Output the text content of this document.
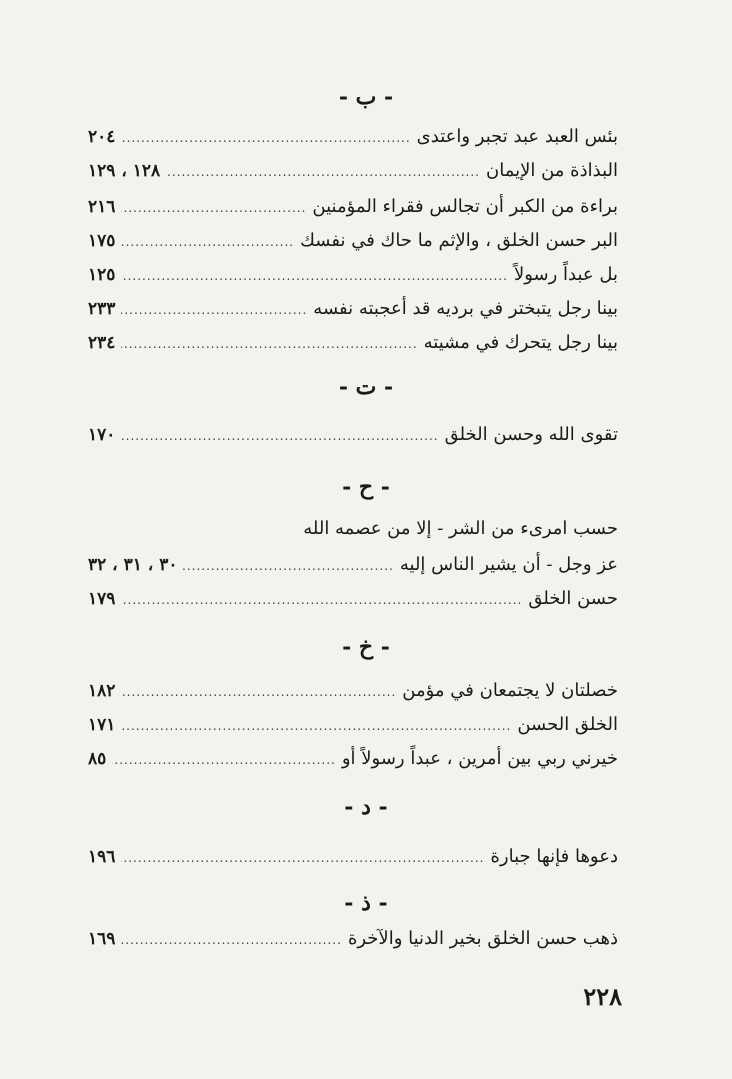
- ب -
بئس العبد عبد تجبر واعتدى
.....
٢٠٤
البذاذة من الإيمان
.....
١٢٨ ، ١٢٩
براءة من الكبر أن تجالس فقراء المؤمنين
.....
٢١٦
البر حسن الخلق ، والإثم ما حاك في نفسك
.....
١٧٥
بل عبداً رسولاً
.....
١٢٥
بينا رجل يتبختر في برديه قد أعجبته نفسه
.....
٢٣٣
بينا رجل يتحرك في مشيته
.....
٢٣٤
- ت -
تقوى الله وحسن الخلق
.....
١٧٠
- ح -
حسب امرىء من الشر - إلا من عصمه الله
عز وجل - أن يشير الناس إليه
.....
٣٠ ، ٣١ ، ٣٢
حسن الخلق
.....
١٧٩
- خ -
خصلتان لا يجتمعان في مؤمن
.....
١٨٢
الخلق الحسن
.....
١٧١
خيرني ربي بين أمرين ، عبداً رسولاً أو
.....
٨٥
- د -
دعوها فإنها جبارة
.....
١٩٦
- ذ -
ذهب حسن الخلق بخير الدنيا والآخرة
.....
١٦٩
٢٢٨
